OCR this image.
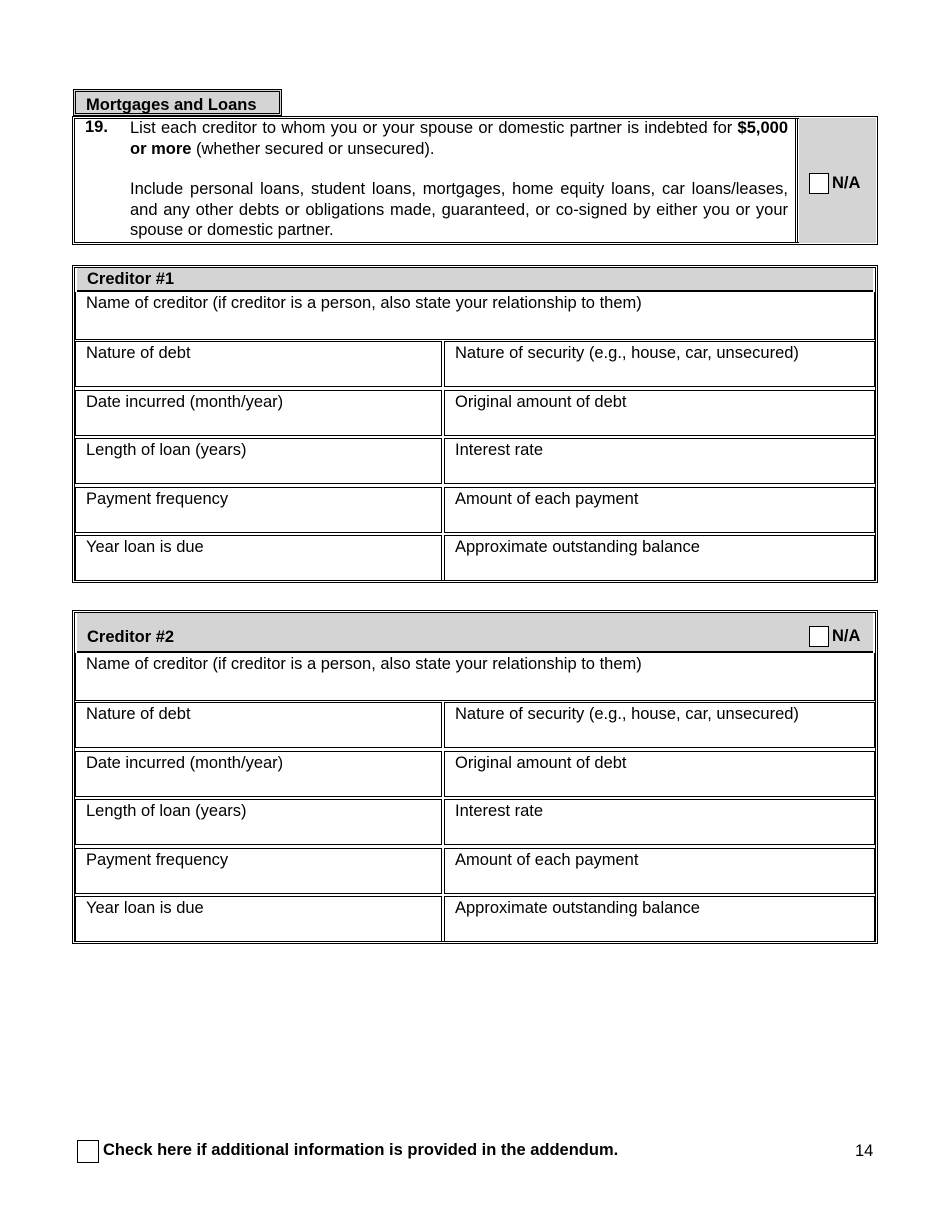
Mortgages and Loans
19. List each creditor to whom you or your spouse or domestic partner is indebted for $5,000 or more (whether secured or unsecured).
Include personal loans, student loans, mortgages, home equity loans, car loans/leases, and any other debts or obligations made, guaranteed, or co-signed by either you or your spouse or domestic partner.
N/A
Creditor #1
Name of creditor (if creditor is a person, also state your relationship to them)
Nature of debt	Nature of security (e.g., house, car, unsecured)
Date incurred (month/year)	Original amount of debt
Length of loan (years)	Interest rate
Payment frequency	Amount of each payment
Year loan is due	Approximate outstanding balance
Creditor #2	N/A
Name of creditor (if creditor is a person, also state your relationship to them)
Nature of debt	Nature of security (e.g., house, car, unsecured)
Date incurred (month/year)	Original amount of debt
Length of loan (years)	Interest rate
Payment frequency	Amount of each payment
Year loan is due	Approximate outstanding balance
Check here if additional information is provided in the addendum.	14
